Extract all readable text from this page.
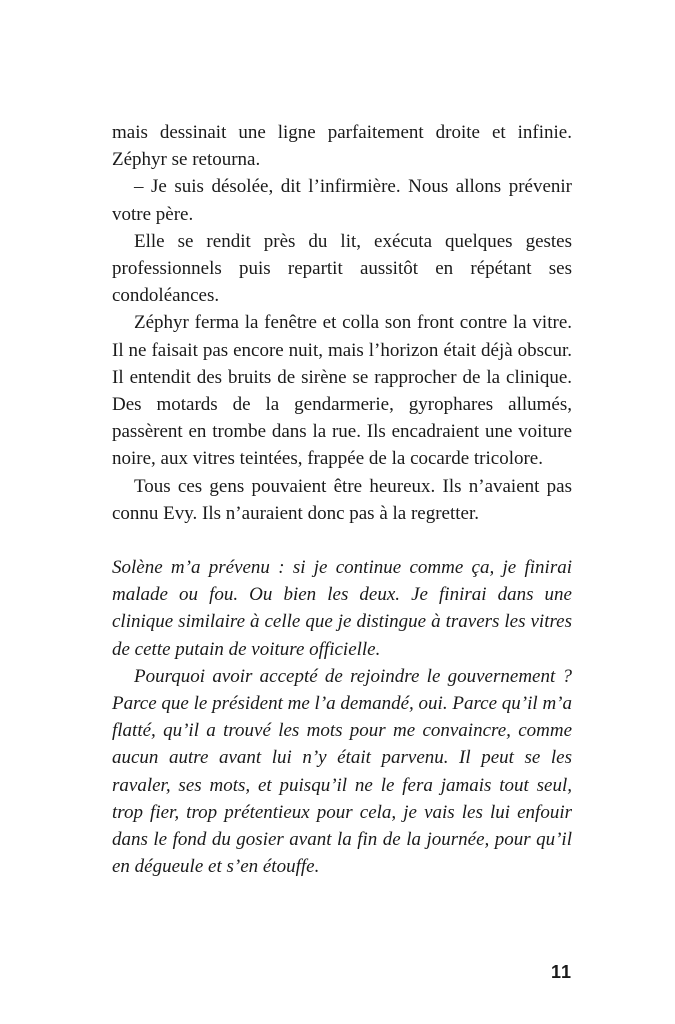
mais dessinait une ligne parfaitement droite et infinie. Zéphyr se retourna.

– Je suis désolée, dit l’infirmière. Nous allons prévenir votre père.

Elle se rendit près du lit, exécuta quelques gestes professionnels puis repartit aussitôt en répétant ses condoléances.

Zéphyr ferma la fenêtre et colla son front contre la vitre. Il ne faisait pas encore nuit, mais l’horizon était déjà obscur. Il entendit des bruits de sirène se rapprocher de la clinique. Des motards de la gendarmerie, gyrophares allumés, passèrent en trombe dans la rue. Ils encadraient une voiture noire, aux vitres teintées, frappée de la cocarde tricolore.

Tous ces gens pouvaient être heureux. Ils n’avaient pas connu Evy. Ils n’auraient donc pas à la regretter.

Solène m’a prévenu : si je continue comme ça, je finirai malade ou fou. Ou bien les deux. Je finirai dans une clinique similaire à celle que je distingue à travers les vitres de cette putain de voiture officielle.

Pourquoi avoir accepté de rejoindre le gouvernement ? Parce que le président me l’a demandé, oui. Parce qu’il m’a flatté, qu’il a trouvé les mots pour me convaincre, comme aucun autre avant lui n’y était parvenu. Il peut se les ravaler, ses mots, et puisqu’il ne le fera jamais tout seul, trop fier, trop prétentieux pour cela, je vais les lui enfouir dans le fond du gosier avant la fin de la journée, pour qu’il en dégueule et s’en étouffe.

11
